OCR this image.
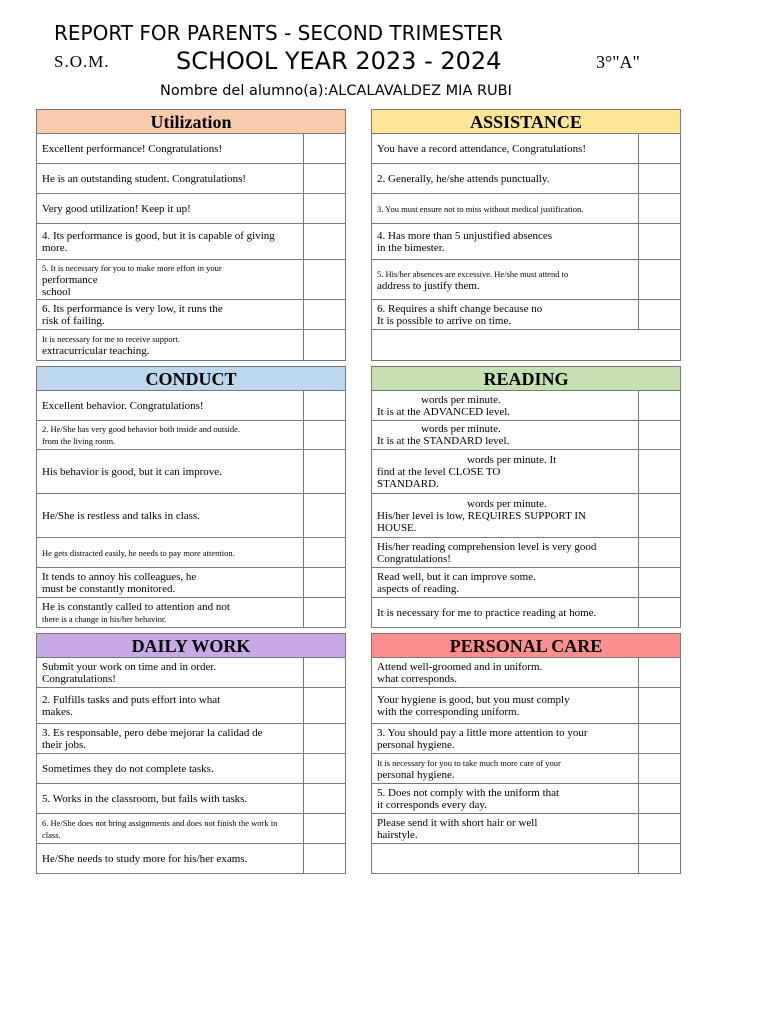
REPORT FOR PARENTS - SECOND TRIMESTER
S.O.M.	SCHOOL YEAR 2023 - 2024	3°"A"
Nombre del alumno(a):ALCALAVALDEZ MIA RUBI
Utilization
Excellent performance! Congratulations!
He is an outstanding student. Congratulations!
Very good utilization! Keep it up!
4. Its performance is good, but it is capable of giving
more.
5. It is necessary for you to make more effort in your
performance
school
6. Its performance is very low, it runs the
risk of failing.
It is necessary for me to receive support.
extracurricular teaching.
ASSISTANCE
You have a record attendance, Congratulations!
2. Generally, he/she attends punctually.
3. You must ensure not to miss without medical justification.
4. Has more than 5 unjustified absences
in the bimester.
5. His/her absences are excessive. He/she must attend to
address to justify them.
6. Requires a shift change because no
It is possible to arrive on time.
CONDUCT
Excellent behavior. Congratulations!
2. He/She has very good behavior both inside and outside.
from the living room.
His behavior is good, but it can improve.
He/She is restless and talks in class.
He gets distracted easily, he needs to pay more attention.
It tends to annoy his colleagues, he
must be constantly monitored.
He is constantly called to attention and not
there is a change in his/her behavior.
READING
words per minute.
It is at the ADVANCED level.
words per minute.
It is at the STANDARD level.
words per minute. It
find at the level CLOSE TO
STANDARD.
words per minute.
His/her level is low, REQUIRES SUPPORT IN
HOUSE.
His/her reading comprehension level is very good
Congratulations!
Read well, but it can improve some.
aspects of reading.
It is necessary for me to practice reading at home.
DAILY WORK
Submit your work on time and in order.
Congratulations!
2. Fulfills tasks and puts effort into what
makes.
3. Es responsable, pero debe mejorar la calidad de
their jobs.
Sometimes they do not complete tasks.
5. Works in the classroom, but fails with tasks.
6. He/She does not bring assignments and does not finish the work in class.
He/She needs to study more for his/her exams.
PERSONAL CARE
Attend well-groomed and in uniform.
what corresponds.
Your hygiene is good, but you must comply
with the corresponding uniform.
3. You should pay a little more attention to your
personal hygiene.
It is necessary for you to take much more care of your
personal hygiene.
5. Does not comply with the uniform that
it corresponds every day.
Please send it with short hair or well
hairstyle.
